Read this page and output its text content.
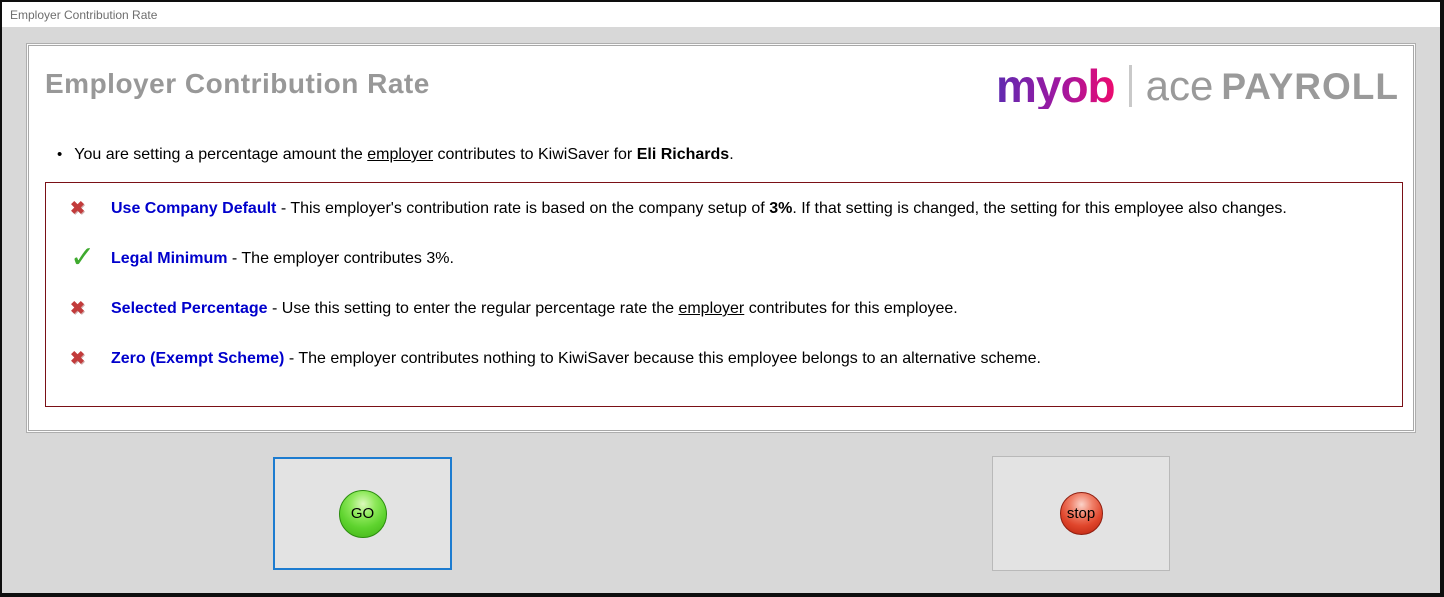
Employer Contribution Rate
Employer Contribution Rate	myob ace PAYROLL
• You are setting a percentage amount the employer contributes to KiwiSaver for Eli Richards.
✖	Use Company Default - This employer's contribution rate is based on the company setup of 3%. If that setting is changed, the setting for this employee also changes.
✓ Legal Minimum - The employer contributes 3%.
✖	Selected Percentage - Use this setting to enter the regular percentage rate the employer contributes for this employee.
✖	Zero (Exempt Scheme) - The employer contributes nothing to KiwiSaver because this employee belongs to an alternative scheme.
GO	stop
